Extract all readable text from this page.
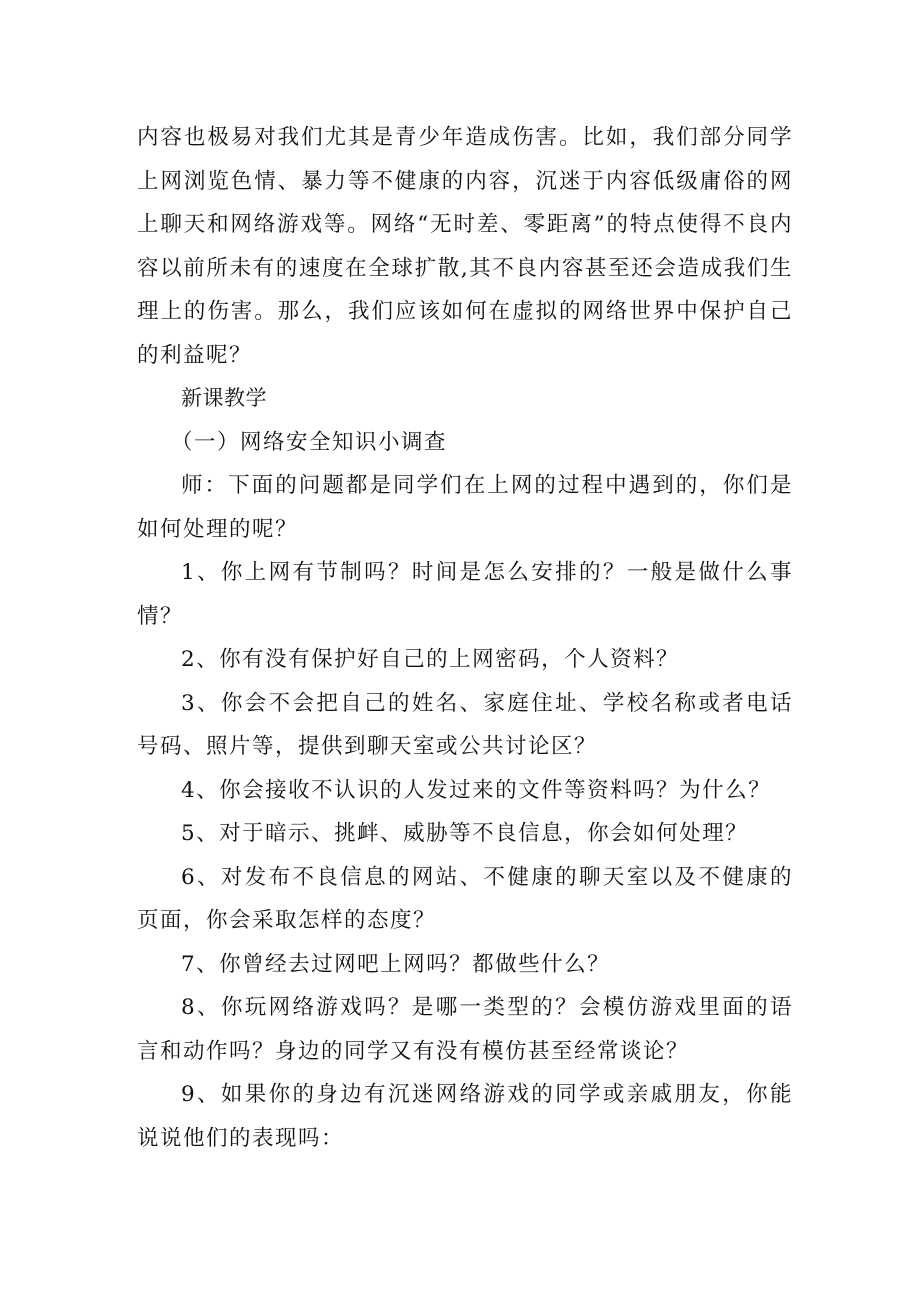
内容也极易对我们尤其是青少年造成伤害。比如，我们部分同学上网浏览色情、暴力等不健康的内容，沉迷于内容低级庸俗的网上聊天和网络游戏等。网络“无时差、零距离”的特点使得不良内容以前所未有的速度在全球扩散,其不良内容甚至还会造成我们生理上的伤害。那么，我们应该如何在虚拟的网络世界中保护自己的利益呢？

新课教学

（一）网络安全知识小调查

师：下面的问题都是同学们在上网的过程中遇到的，你们是如何处理的呢？

1、你上网有节制吗？时间是怎么安排的？一般是做什么事情？

2、你有没有保护好自己的上网密码，个人资料？

3、你会不会把自己的姓名、家庭住址、学校名称或者电话号码、照片等，提供到聊天室或公共讨论区？

4、你会接收不认识的人发过来的文件等资料吗？为什么？

5、对于暗示、挑衅、威胁等不良信息，你会如何处理？

6、对发布不良信息的网站、不健康的聊天室以及不健康的页面，你会采取怎样的态度？

7、你曾经去过网吧上网吗？都做些什么？

8、你玩网络游戏吗？是哪一类型的？会模仿游戏里面的语言和动作吗？身边的同学又有没有模仿甚至经常谈论？

9、如果你的身边有沉迷网络游戏的同学或亲戚朋友，你能说说他们的表现吗：
